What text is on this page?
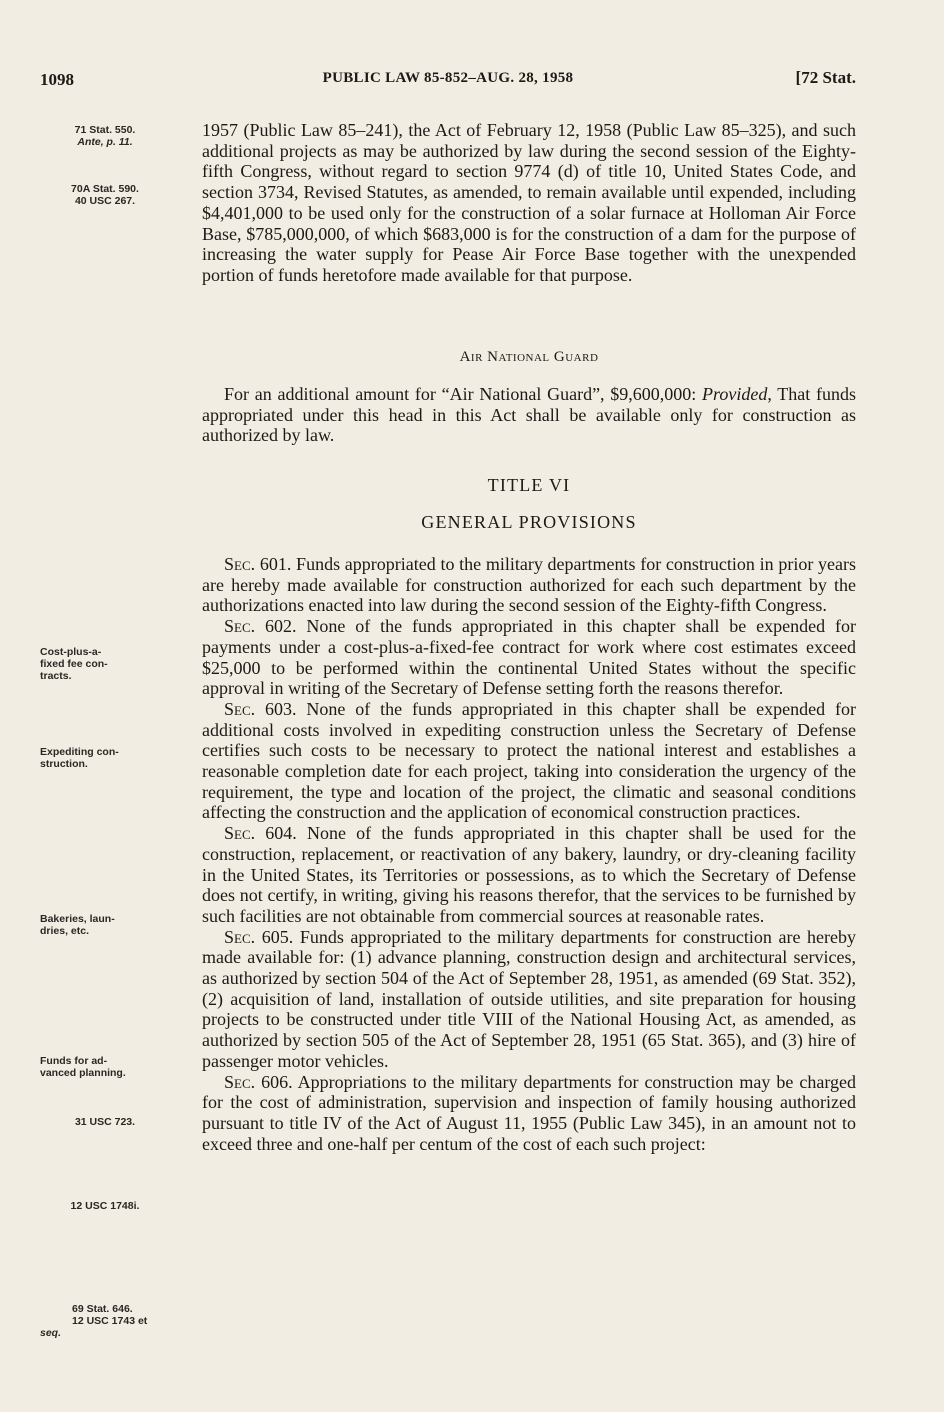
1098	PUBLIC LAW 85-852–AUG. 28, 1958	[72 Stat.
71 Stat. 550.
Ante, p. 11.
70A Stat. 590.
40 USC 267.
Cost-plus-a-
fixed fee con-
tracts.
Expediting con-
struction.
Bakeries, laun-
dries, etc.
Funds for ad-
vanced planning.
31 USC 723.
12 USC 1748i.
69 Stat. 646.
12 USC 1743 et
seq.

1957 (Public Law 85–241), the Act of February 12, 1958 (Public Law 85–325), and such additional projects as may be authorized by law during the second session of the Eighty-fifth Congress, without regard to section 9774 (d) of title 10, United States Code, and section 3734, Revised Statutes, as amended, to remain available until expended, including $4,401,000 to be used only for the construction of a solar furnace at Holloman Air Force Base, $785,000,000, of which $683,000 is for the construction of a dam for the purpose of increasing the water supply for Pease Air Force Base together with the unexpended portion of funds heretofore made available for that purpose.

Air National Guard

For an additional amount for “Air National Guard”, $9,600,000: Provided, That funds appropriated under this head in this Act shall be available only for construction as authorized by law.

TITLE VI
GENERAL PROVISIONS

Sec. 601. Funds appropriated to the military departments for construction in prior years are hereby made available for construction authorized for each such department by the authorizations enacted into law during the second session of the Eighty-fifth Congress.

Sec. 602. None of the funds appropriated in this chapter shall be expended for payments under a cost-plus-a-fixed-fee contract for work where cost estimates exceed $25,000 to be performed within the continental United States without the specific approval in writing of the Secretary of Defense setting forth the reasons therefor.

Sec. 603. None of the funds appropriated in this chapter shall be expended for additional costs involved in expediting construction unless the Secretary of Defense certifies such costs to be necessary to protect the national interest and establishes a reasonable completion date for each project, taking into consideration the urgency of the requirement, the type and location of the project, the climatic and seasonal conditions affecting the construction and the application of economical construction practices.

Sec. 604. None of the funds appropriated in this chapter shall be used for the construction, replacement, or reactivation of any bakery, laundry, or dry-cleaning facility in the United States, its Territories or possessions, as to which the Secretary of Defense does not certify, in writing, giving his reasons therefor, that the services to be furnished by such facilities are not obtainable from commercial sources at reasonable rates.

Sec. 605. Funds appropriated to the military departments for construction are hereby made available for: (1) advance planning, construction design and architectural services, as authorized by section 504 of the Act of September 28, 1951, as amended (69 Stat. 352), (2) acquisition of land, installation of outside utilities, and site preparation for housing projects to be constructed under title VIII of the National Housing Act, as amended, as authorized by section 505 of the Act of September 28, 1951 (65 Stat. 365), and (3) hire of passenger motor vehicles.

Sec. 606. Appropriations to the military departments for construction may be charged for the cost of administration, supervision and inspection of family housing authorized pursuant to title IV of the Act of August 11, 1955 (Public Law 345), in an amount not to exceed three and one-half per centum of the cost of each such project:
